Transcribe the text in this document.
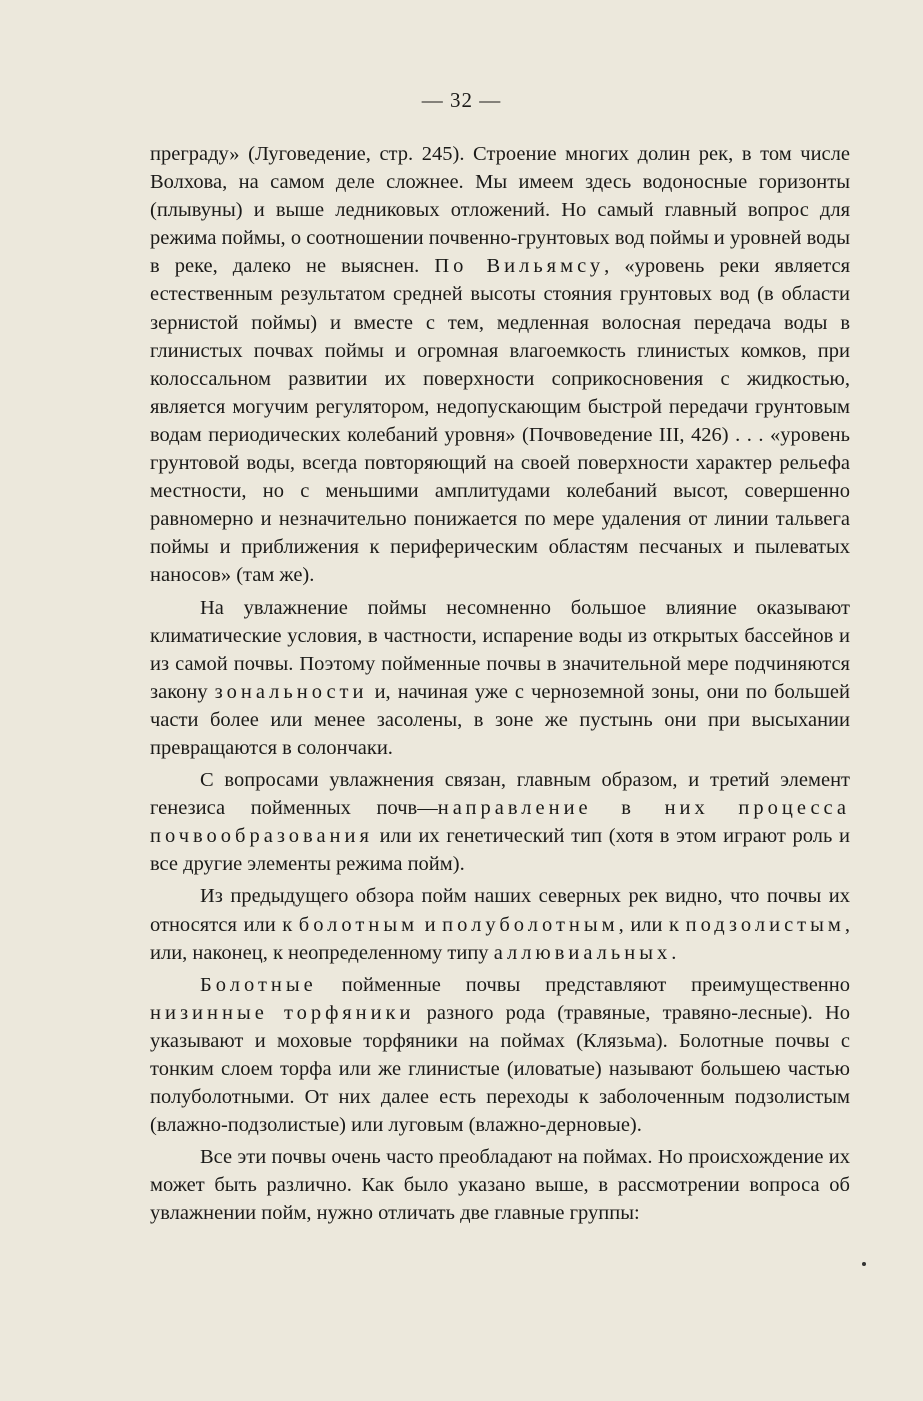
— 32 —

преграду» (Луговедение, стр. 245). Строение многих долин рек, в том числе Волхова, на самом деле сложнее. Мы имеем здесь водоносные горизонты (плывуны) и выше ледниковых отложений. Но самый главный вопрос для режима поймы, о соотношении почвенно-грунтовых вод поймы и уровней воды в реке, далеко не выяснен. По Вильямсу, «уровень реки является естественным результатом средней высоты стояния грунтовых вод (в области зернистой поймы) и вместе с тем, медленная волосная передача воды в глинистых почвах поймы и огромная влагоемкость глинистых комков, при колоссальном развитии их поверхности соприкосновения с жидкостью, является могучим регулятором, недопускающим быстрой передачи грунтовым водам периодических колебаний уровня» (Почвоведение III, 426) . . . «уровень грунтовой воды, всегда повторяющий на своей поверхности характер рельефа местности, но с меньшими амплитудами колебаний высот, совершенно равномерно и незначительно понижается по мере удаления от линии тальвега поймы и приближения к периферическим областям песчаных и пылеватых наносов» (там же).

На увлажнение поймы несомненно большое влияние оказывают климатические условия, в частности, испарение воды из открытых бассейнов и из самой почвы. Поэтому пойменные почвы в значительной мере подчиняются закону зональности и, начиная уже с черноземной зоны, они по большей части более или менее засолены, в зоне же пустынь они при высыхании превращаются в солончаки.

С вопросами увлажнения связан, главным образом, и третий элемент генезиса пойменных почв—направление в них процесса почвообразования или их генетический тип (хотя в этом играют роль и все другие элементы режима пойм).

Из предыдущего обзора пойм наших северных рек видно, что почвы их относятся или к болотным и полуболотным, или к подзолистым, или, наконец, к неопределенному типу аллювиальных.

Болотные пойменные почвы представляют преимущественно низинные торфяники разного рода (травяные, травяно-лесные). Но указывают и моховые торфяники на поймах (Клязьма). Болотные почвы с тонким слоем торфа или же глинистые (иловатые) называют большею частью полуболотными. От них далее есть переходы к заболоченным подзолистым (влажно-подзолистые) или луговым (влажно-дерновые).

Все эти почвы очень часто преобладают на поймах. Но происхождение их может быть различно. Как было указано выше, в рассмотрении вопроса об увлажнении пойм, нужно отличать две главные группы:
